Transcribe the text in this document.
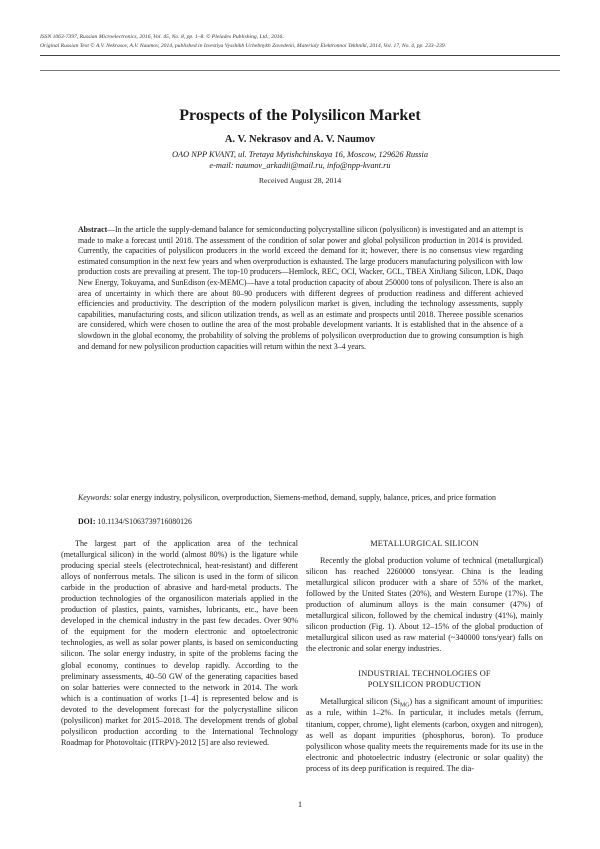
ISSN 1063-7397, Russian Microelectronics, 2016, Vol. 45, No. 8, pp. 1–8. © Pleiades Publishing, Ltd., 2016.
Original Russian Text © A.V. Nekrasov, A.V. Naumov, 2014, published in Izvestiya Vysshikh Uchebnykh Zavedenii, Materialy Elektronnoi Tekhniki, 2014, Vol. 17, No. 4, pp. 233–239.
Prospects of the Polysilicon Market
A. V. Nekrasov and A. V. Naumov
OAO NPP KVANT, ul. Tretaya Mytishchinskaya 16, Moscow, 129626 Russia
e-mail: naumov_arkadii@mail.ru, info@npp-kvant.ru
Received August 28, 2014
Abstract—In the article the supply-demand balance for semiconducting polycrystalline silicon (polysilicon) is investigated and an attempt is made to make a forecast until 2018. The assessment of the condition of solar power and global polysilicon production in 2014 is provided. Currently, the capacities of polysilicon producers in the world exceed the demand for it; however, there is no consensus view regarding estimated consumption in the next few years and when overproduction is exhausted. The large producers manufacturing polysilicon with low production costs are prevailing at present. The top-10 producers—Hemlock, REC, OCI, Wacker, GCL, TBEA XinJiang Silicon, LDK, Daqo New Energy, Tokuyama, and SunEdison (ex-MEMC)—have a total production capacity of about 250000 tons of polysilicon. There is also an area of uncertainty in which there are about 80–90 producers with different degrees of production readiness and different achieved efficiencies and productivity. The description of the modern polysilicon market is given, including the technology assessments, supply capabilities, manufacturing costs, and silicon utilization trends, as well as an estimate and prospects until 2018. Thereee possible scenarios are considered, which were chosen to outline the area of the most probable development variants. It is established that in the absence of a slowdown in the global economy, the probability of solving the problems of polysilicon overproduction due to growing consumption is high and demand for new polysilicon production capacities will return within the next 3–4 years.
Keywords: solar energy industry, polysilicon, overproduction, Siemens-method, demand, supply, balance, prices, and price formation
DOI: 10.1134/S1063739716080126

The largest part of the application area of the technical (metallurgical silicon) in the world (almost 80%) is the ligature while producing special steels (electrotechnical, heat-resistant) and different alloys of nonferrous metals. The silicon is used in the form of silicon carbide in the production of abrasive and hard-metal products. The production technologies of the organosilicon materials applied in the production of plastics, paints, varnishes, lubricants, etc., have been developed in the chemical industry in the past few decades. Over 90% of the equipment for the modern electronic and optoelectronic technologies, as well as solar power plants, is based on semiconducting silicon. The solar energy industry, in spite of the problems facing the global economy, continues to develop rapidly. According to the preliminary assessments, 40–50 GW of the generating capacities based on solar batteries were connected to the network in 2014. The work which is a continuation of works [1–4] is represented below and is devoted to the development forecast for the polycrystalline silicon (polysilicon) market for 2015–2018. The development trends of global polysilicon production according to the International Technology Roadmap for Photovoltaic (ITRPV)-2012 [5] are also reviewed.

METALLURGICAL SILICON

Recently the global production volume of technical (metallurgical) silicon has reached 2260000 tons/year. China is the leading metallurgical silicon producer with a share of 55% of the market, followed by the United States (20%), and Western Europe (17%). The production of aluminum alloys is the main consumer (47%) of metallurgical silicon, followed by the chemical industry (41%), mainly silicon production (Fig. 1). About 12–15% of the global production of metallurgical silicon used as raw material (~340000 tons/year) falls on the electronic and solar energy industries.

INDUSTRIAL TECHNOLOGIES OF
POLYSILICON PRODUCTION

Metallurgical silicon $(Si_{MG})$ has a significant amount of impurities: as a rule, within 1–2%. In particular, it includes metals (ferrum, titanium, copper, chrome), light elements (carbon, oxygen and nitrogen), as well as dopant impurities (phosphorus, boron). To produce polysilicon whose quality meets the requirements made for its use in the electronic and photoelectric industry (electronic or solar quality) the process of its deep purification is required. The dia-

1
